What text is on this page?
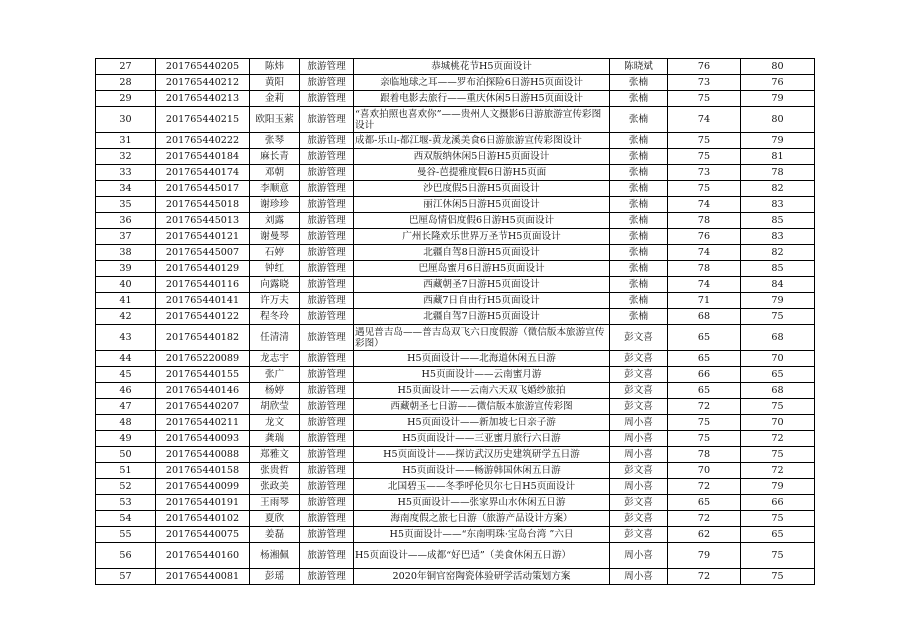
27	201765440205	陈炜	旅游管理	恭城桃花节H5页面设计	陈晓斌	76	80
28	201765440212	黄阳	旅游管理	亲临地球之耳——罗布泊探险6日游H5页面设计	张楠	73	76
29	201765440213	金莉	旅游管理	跟着电影去旅行——重庆休闲5日游H5页面设计	张楠	75	79
30	201765440215	欧阳玉萦	旅游管理	“喜欢拍照也喜欢你”——贵州人文摄影6日游旅游宣传彩图设计	张楠	74	80
31	201765440222	张琴	旅游管理	成都-乐山-都江堰-黄龙溪美食6日游旅游宣传彩图设计	张楠	75	79
32	201765440184	麻长青	旅游管理	西双版纳休闲5日游H5页面设计	张楠	75	81
33	201765440174	邓朝	旅游管理	曼谷-芭提雅度假6日游H5页面	张楠	73	78
34	201765445017	李顺意	旅游管理	沙巴度假5日游H5页面设计	张楠	75	82
35	201765445018	谢珍珍	旅游管理	丽江休闲5日游H5页面设计	张楠	74	83
36	201765445013	刘露	旅游管理	巴厘岛情侣度假6日游H5页面设计	张楠	78	85
37	201765440121	谢曼琴	旅游管理	广州长隆欢乐世界万圣节H5页面设计	张楠	76	83
38	201765445007	石婷	旅游管理	北疆自驾8日游H5页面设计	张楠	74	82
39	201765440129	钟红	旅游管理	巴厘岛蜜月6日游H5页面设计	张楠	78	85
40	201765440116	向露晓	旅游管理	西藏朝圣7日游H5页面设计	张楠	74	84
41	201765440141	许万夫	旅游管理	西藏7日自由行H5页面设计	张楠	71	79
42	201765440122	程冬玲	旅游管理	北疆自驾7日游H5页面设计	张楠	68	75
43	201765440182	任清清	旅游管理	遇见普吉岛——普吉岛双飞六日度假游（微信版本旅游宣传彩图）	彭文喜	65	68
44	201765220089	龙志宇	旅游管理	H5页面设计——北海道休闲五日游	彭文喜	65	70
45	201765440155	张广	旅游管理	H5页面设计——云南蜜月游	彭文喜	66	65
46	201765440146	杨婷	旅游管理	H5页面设计——云南六天双飞婚纱旅拍	彭文喜	65	68
47	201765440207	胡欣莹	旅游管理	西藏朝圣七日游——微信版本旅游宣传彩图	彭文喜	72	75
48	201765440211	龙文	旅游管理	H5页面设计——新加坡七日亲子游	周小喜	75	70
49	201765440093	龚瑞	旅游管理	H5页面设计——三亚蜜月旅行六日游	周小喜	75	72
50	201765440088	郑雅文	旅游管理	H5页面设计——探访武汉历史建筑研学五日游	周小喜	78	75
51	201765440158	张贵哲	旅游管理	H5页面设计——畅游韩国休闲五日游	彭文喜	70	72
52	201765440099	张政美	旅游管理	北国碧玉——冬季呼伦贝尔七日H5页面设计	周小喜	72	79
53	201765440191	王雨琴	旅游管理	H5页面设计——张家界山水休闲五日游	彭文喜	65	66
54	201765440102	夏欣	旅游管理	海南度假之旅七日游（旅游产品设计方案）	彭文喜	72	75
55	201765440075	姜磊	旅游管理	H5页面设计——“东南明珠·宝岛台湾 ”六日	彭文喜	62	65
56	201765440160	杨湘佩	旅游管理	H5页面设计——成都“好巴适”（美食休闲五日游）	周小喜	79	75
57	201765440081	彭瑶	旅游管理	2020年铜官窑陶瓷体验研学活动策划方案	周小喜	72	75
